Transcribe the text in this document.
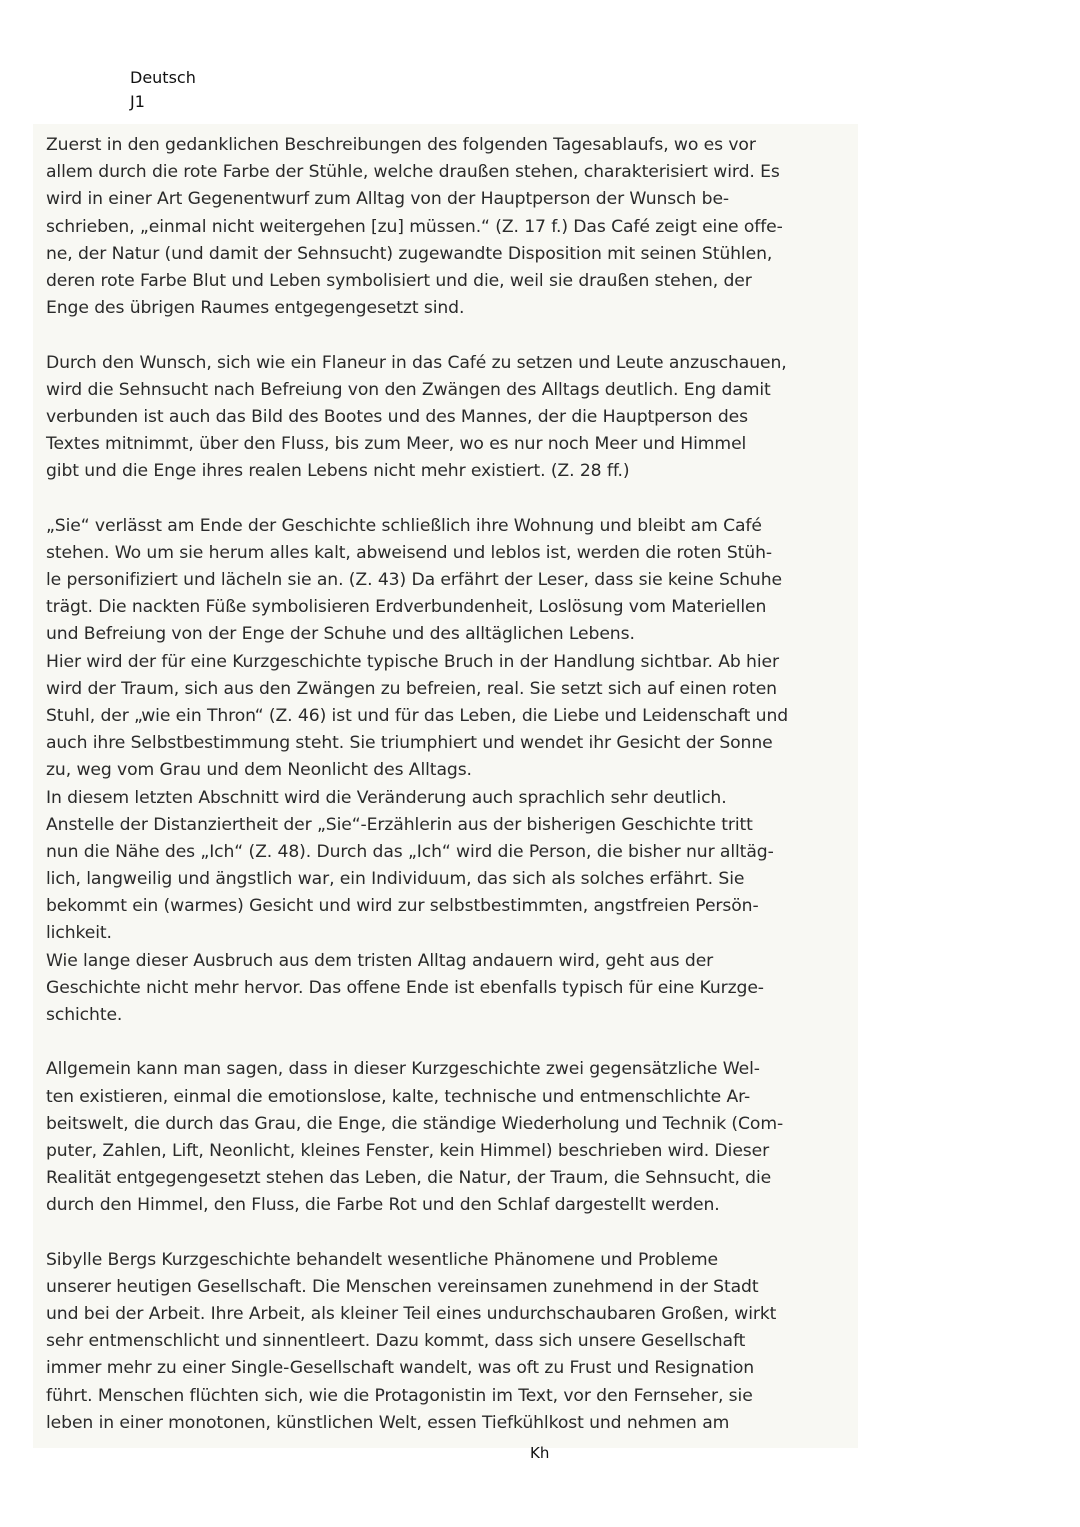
Deutsch
J1
Zuerst in den gedanklichen Beschreibungen des folgenden Tagesablaufs, wo es vor
allem durch die rote Farbe der Stühle, welche draußen stehen, charakterisiert wird. Es
wird in einer Art Gegenentwurf zum Alltag von der Hauptperson der Wunsch be-
schrieben, „einmal nicht weitergehen [zu] müssen.“ (Z. 17 f.) Das Café zeigt eine offe-
ne, der Natur (und damit der Sehnsucht) zugewandte Disposition mit seinen Stühlen,
deren rote Farbe Blut und Leben symbolisiert und die, weil sie draußen stehen, der
Enge des übrigen Raumes entgegengesetzt sind.
Durch den Wunsch, sich wie ein Flaneur in das Café zu setzen und Leute anzuschauen,
wird die Sehnsucht nach Befreiung von den Zwängen des Alltags deutlich. Eng damit
verbunden ist auch das Bild des Bootes und des Mannes, der die Hauptperson des
Textes mitnimmt, über den Fluss, bis zum Meer, wo es nur noch Meer und Himmel
gibt und die Enge ihres realen Lebens nicht mehr existiert. (Z. 28 ff.)
„Sie“ verlässt am Ende der Geschichte schließlich ihre Wohnung und bleibt am Café
stehen. Wo um sie herum alles kalt, abweisend und leblos ist, werden die roten Stüh-
le personifiziert und lächeln sie an. (Z. 43) Da erfährt der Leser, dass sie keine Schuhe
trägt. Die nackten Füße symbolisieren Erdverbundenheit, Loslösung vom Materiellen
und Befreiung von der Enge der Schuhe und des alltäglichen Lebens.
Hier wird der für eine Kurzgeschichte typische Bruch in der Handlung sichtbar. Ab hier
wird der Traum, sich aus den Zwängen zu befreien, real. Sie setzt sich auf einen roten
Stuhl, der „wie ein Thron“ (Z. 46) ist und für das Leben, die Liebe und Leidenschaft und
auch ihre Selbstbestimmung steht. Sie triumphiert und wendet ihr Gesicht der Sonne
zu, weg vom Grau und dem Neonlicht des Alltags.
In diesem letzten Abschnitt wird die Veränderung auch sprachlich sehr deutlich.
Anstelle der Distanziertheit der „Sie“-Erzählerin aus der bisherigen Geschichte tritt
nun die Nähe des „Ich“ (Z. 48). Durch das „Ich“ wird die Person, die bisher nur alltäg-
lich, langweilig und ängstlich war, ein Individuum, das sich als solches erfährt. Sie
bekommt ein (warmes) Gesicht und wird zur selbstbestimmten, angstfreien Persön-
lichkeit.
Wie lange dieser Ausbruch aus dem tristen Alltag andauern wird, geht aus der
Geschichte nicht mehr hervor. Das offene Ende ist ebenfalls typisch für eine Kurzge-
schichte.
Allgemein kann man sagen, dass in dieser Kurzgeschichte zwei gegensätzliche Wel-
ten existieren, einmal die emotionslose, kalte, technische und entmenschlichte Ar-
beitswelt, die durch das Grau, die Enge, die ständige Wiederholung und Technik (Com-
puter, Zahlen, Lift, Neonlicht, kleines Fenster, kein Himmel) beschrieben wird. Dieser
Realität entgegengesetzt stehen das Leben, die Natur, der Traum, die Sehnsucht, die
durch den Himmel, den Fluss, die Farbe Rot und den Schlaf dargestellt werden.
Sibylle Bergs Kurzgeschichte behandelt wesentliche Phänomene und Probleme
unserer heutigen Gesellschaft. Die Menschen vereinsamen zunehmend in der Stadt
und bei der Arbeit. Ihre Arbeit, als kleiner Teil eines undurchschaubaren Großen, wirkt
sehr entmenschlicht und sinnentleert. Dazu kommt, dass sich unsere Gesellschaft
immer mehr zu einer Single-Gesellschaft wandelt, was oft zu Frust und Resignation
führt. Menschen flüchten sich, wie die Protagonistin im Text, vor den Fernseher, sie
leben in einer monotonen, künstlichen Welt, essen Tiefkühlkost und nehmen am
Kh
